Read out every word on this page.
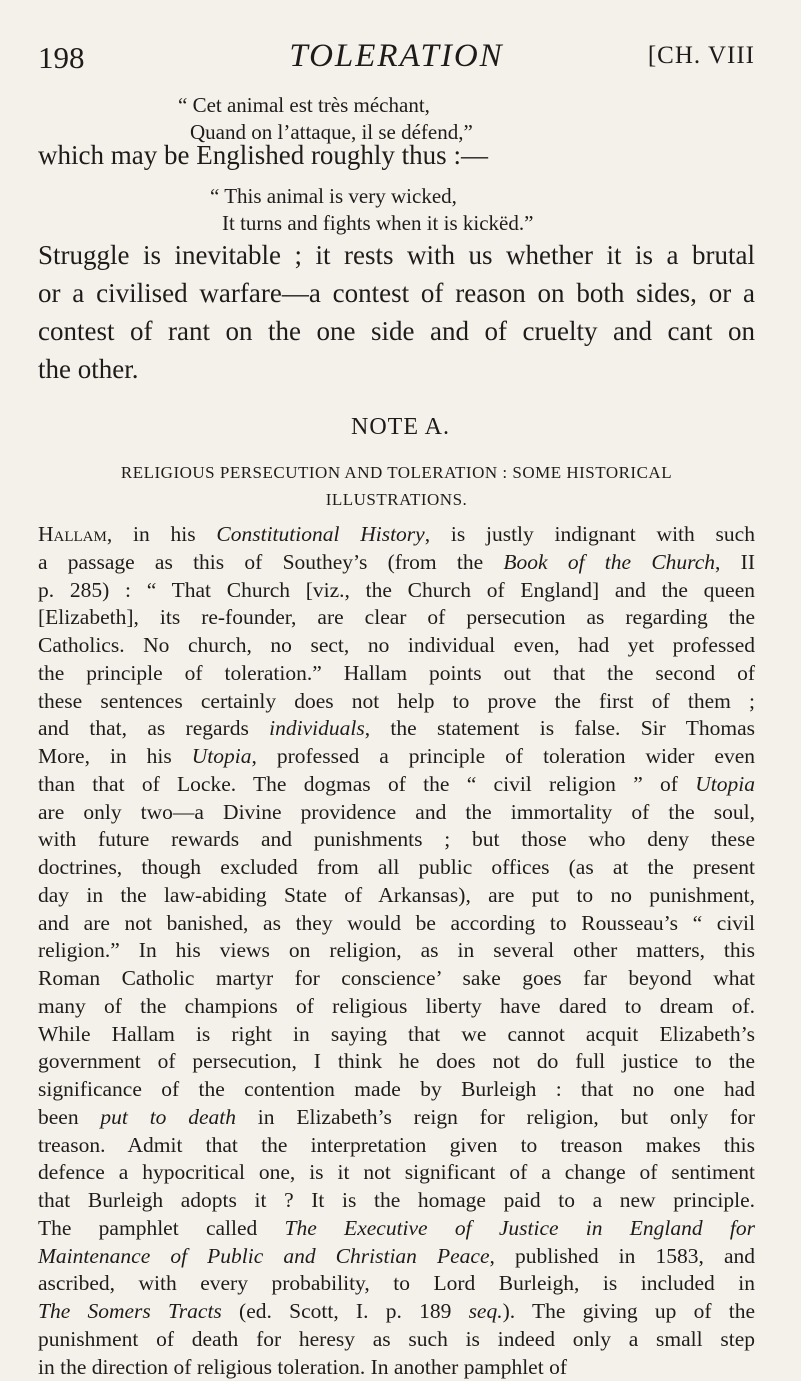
198	TOLERATION	[CH. VIII
“ Cet animal est très méchant,
Quand on l’attaque, il se défend,”
which may be Englished roughly thus :—
“ This animal is very wicked,
It turns and fights when it is kickëd.”
Struggle is inevitable ; it rests with us whether it is a brutal
or a civilised warfare—a contest of reason on both sides, or a
contest of rant on the one side and of cruelty and cant on
the other.
NOTE A.
RELIGIOUS PERSECUTION AND TOLERATION : SOME HISTORICAL
ILLUSTRATIONS.
Hallam, in his Constitutional History, is justly indignant with such
a passage as this of Southey’s (from the Book of the Church, II
p. 285) : “ That Church [viz., the Church of England] and the queen
[Elizabeth], its re-founder, are clear of persecution as regarding the
Catholics. No church, no sect, no individual even, had yet professed
the principle of toleration.” Hallam points out that the second of
these sentences certainly does not help to prove the first of them ;
and that, as regards individuals, the statement is false. Sir Thomas
More, in his Utopia, professed a principle of toleration wider even
than that of Locke. The dogmas of the “ civil religion ” of Utopia
are only two—a Divine providence and the immortality of the soul,
with future rewards and punishments ; but those who deny these
doctrines, though excluded from all public offices (as at the present
day in the law-abiding State of Arkansas), are put to no punishment,
and are not banished, as they would be according to Rousseau’s “ civil
religion.” In his views on religion, as in several other matters, this
Roman Catholic martyr for conscience’ sake goes far beyond what
many of the champions of religious liberty have dared to dream of.
While Hallam is right in saying that we cannot acquit Elizabeth’s
government of persecution, I think he does not do full justice to the
significance of the contention made by Burleigh : that no one had
been put to death in Elizabeth’s reign for religion, but only for
treason. Admit that the interpretation given to treason makes this
defence a hypocritical one, is it not significant of a change of sentiment
that Burleigh adopts it ? It is the homage paid to a new principle.
The pamphlet called The Executive of Justice in England for
Maintenance of Public and Christian Peace, published in 1583, and
ascribed, with every probability, to Lord Burleigh, is included in
The Somers Tracts (ed. Scott, I. p. 189 seq.). The giving up of the
punishment of death for heresy as such is indeed only a small step
in the direction of religious toleration. In another pamphlet of
